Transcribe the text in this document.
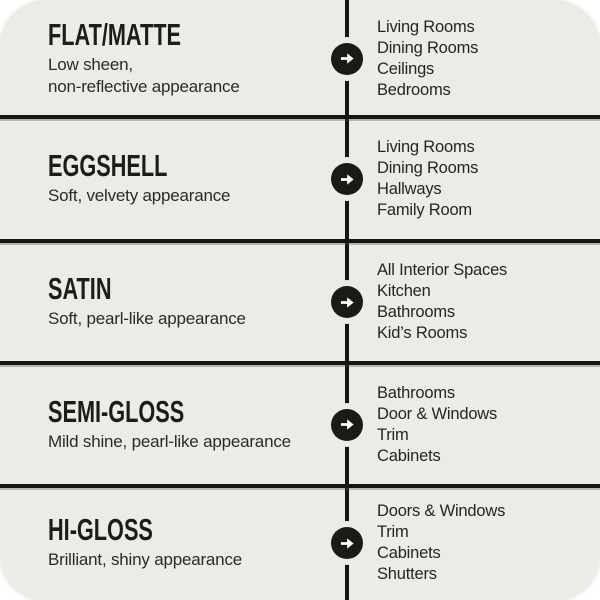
FLAT/MATTE
Low sheen,
non-reflective appearance
Living Rooms
Dining Rooms
Ceilings
Bedrooms
EGGSHELL
Soft, velvety appearance
Living Rooms
Dining Rooms
Hallways
Family Room
SATIN
Soft, pearl-like appearance
All Interior Spaces
Kitchen
Bathrooms
Kid’s Rooms
SEMI-GLOSS
Mild shine, pearl-like appearance
Bathrooms
Door & Windows
Trim
Cabinets
HI-GLOSS
Brilliant, shiny appearance
Doors & Windows
Trim
Cabinets
Shutters
